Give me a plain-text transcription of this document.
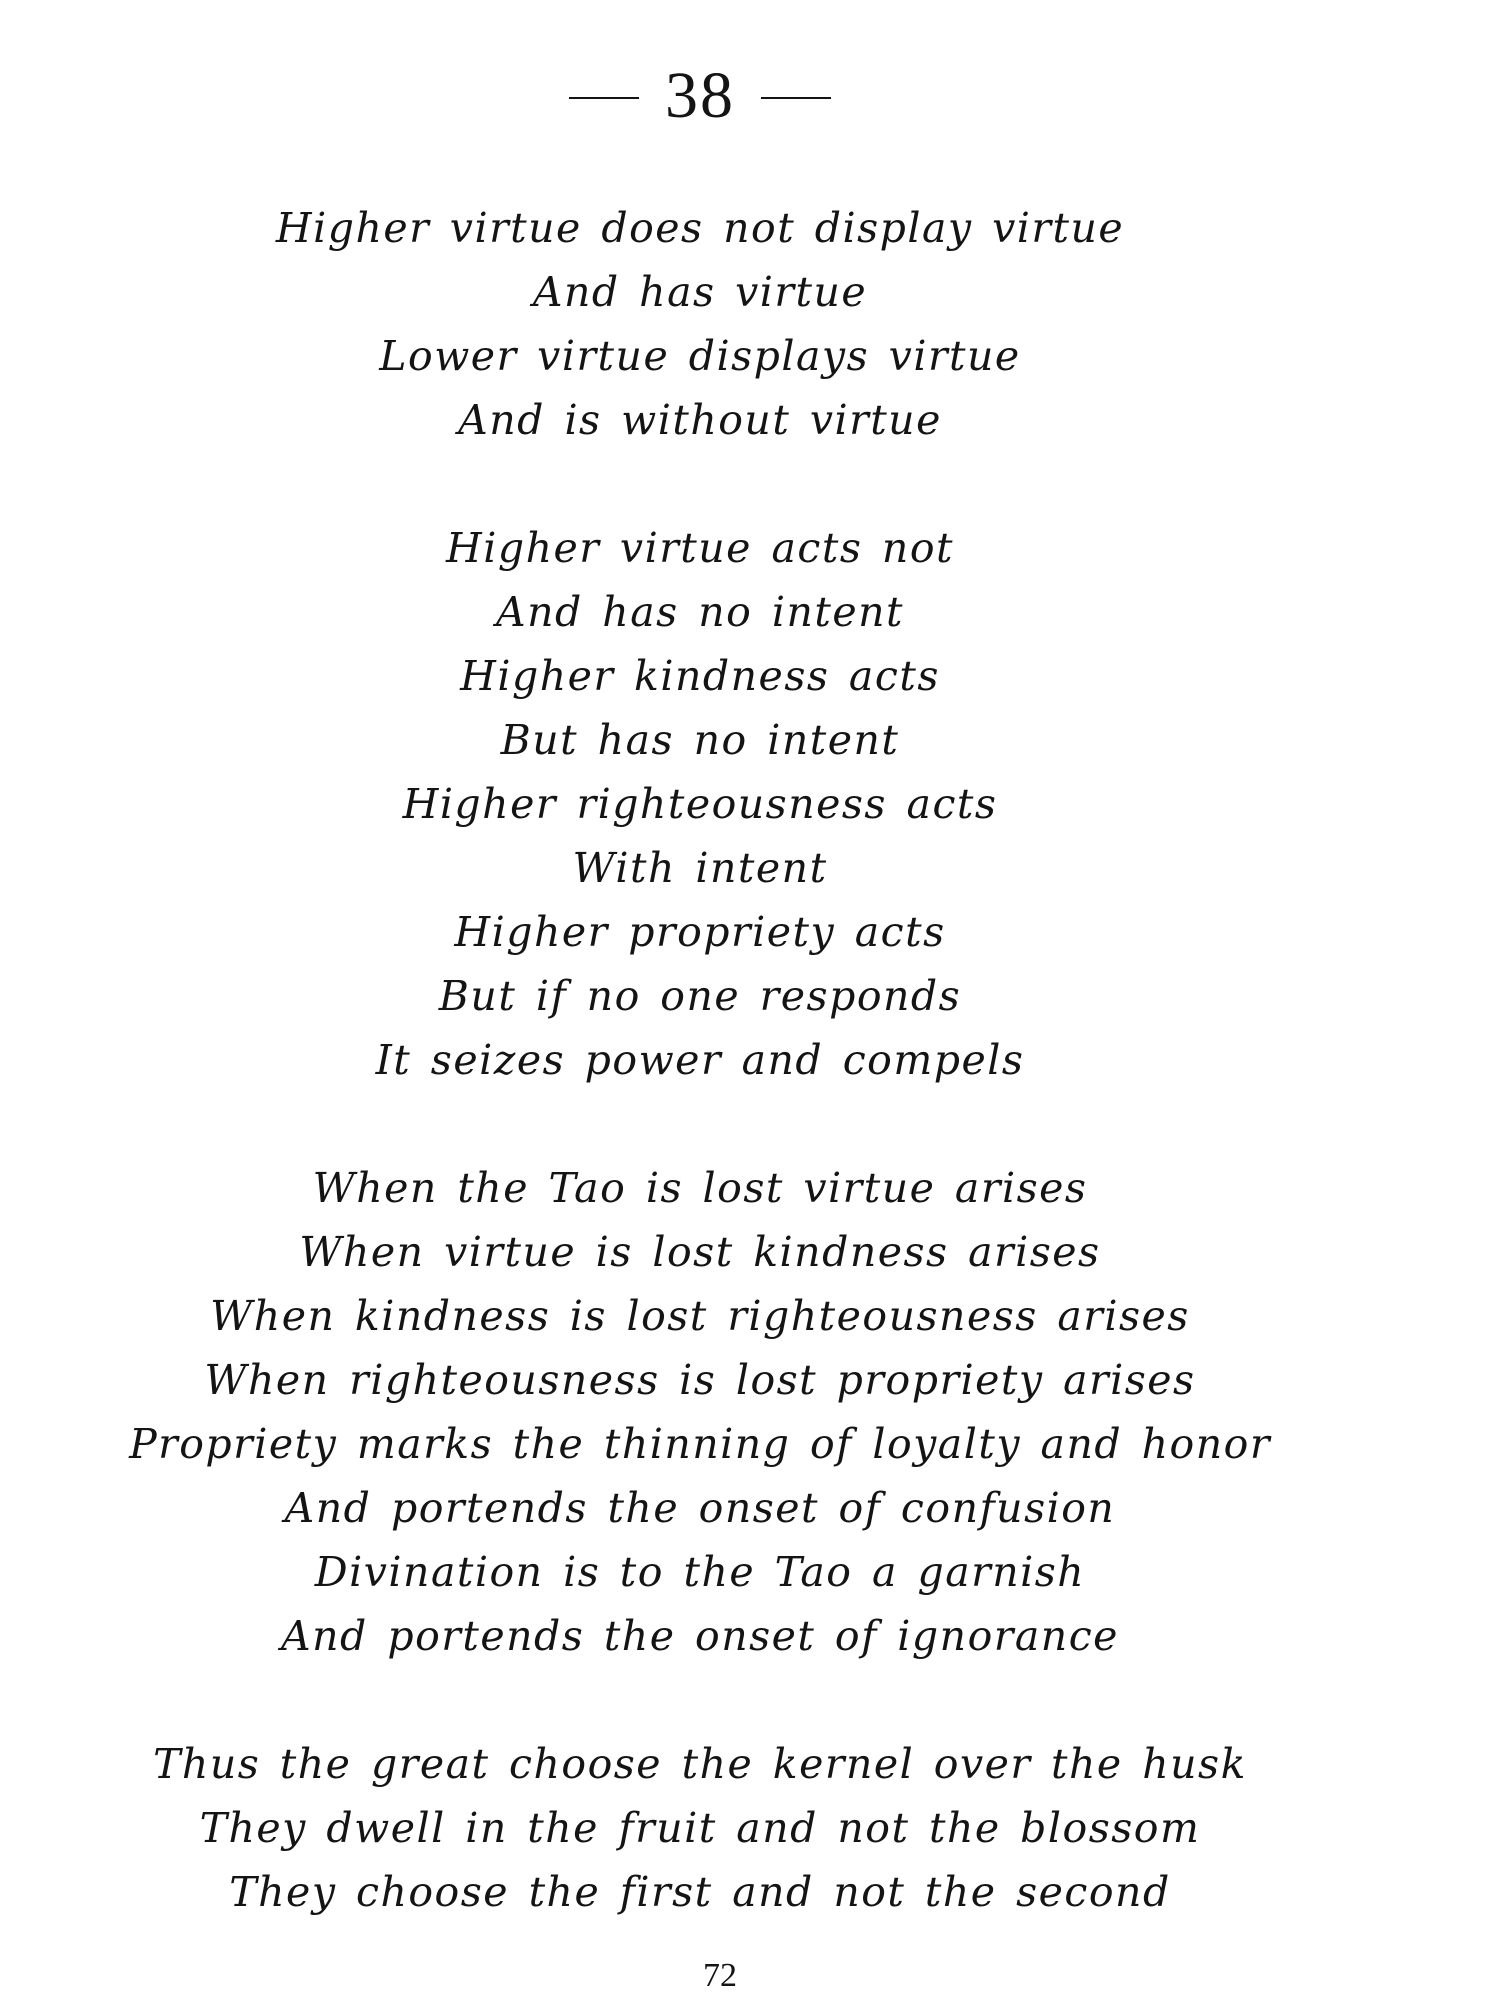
38
Higher virtue does not display virtue
And has virtue
Lower virtue displays virtue
And is without virtue
Higher virtue acts not
And has no intent
Higher kindness acts
But has no intent
Higher righteousness acts
With intent
Higher propriety acts
But if no one responds
It seizes power and compels
When the Tao is lost virtue arises
When virtue is lost kindness arises
When kindness is lost righteousness arises
When righteousness is lost propriety arises
Propriety marks the thinning of loyalty and honor
And portends the onset of confusion
Divination is to the Tao a garnish
And portends the onset of ignorance
Thus the great choose the kernel over the husk
They dwell in the fruit and not the blossom
They choose the first and not the second
72
